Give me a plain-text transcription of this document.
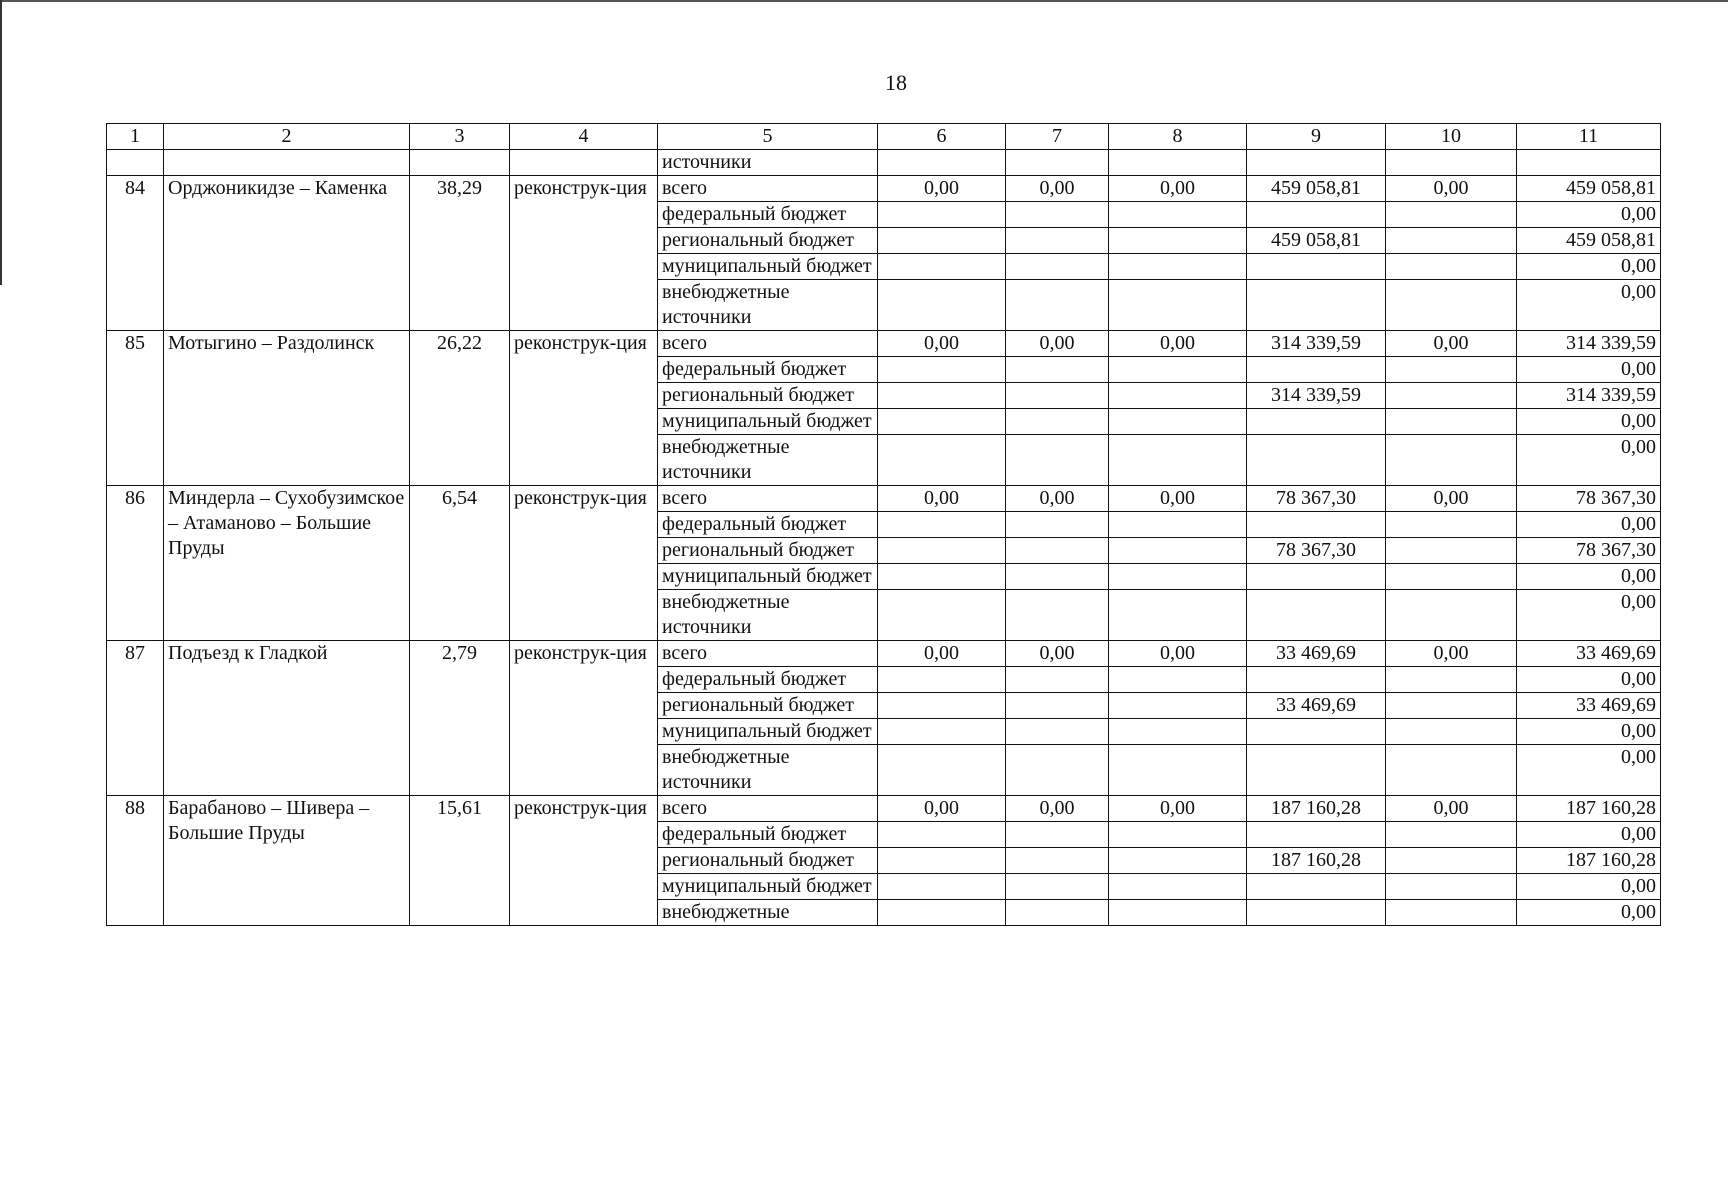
18
1	2	3	4	5	6	7	8	9	10	11
				источники						
84	Орджоникидзе – Каменка	38,29	реконструк-ция	всего	0,00	0,00	0,00	459 058,81	0,00	459 058,81
				федеральный бюджет						0,00
				региональный бюджет				459 058,81		459 058,81
				муниципальный бюджет						0,00
				внебюджетные источники						0,00
85	Мотыгино – Раздолинск	26,22	реконструк-ция	всего	0,00	0,00	0,00	314 339,59	0,00	314 339,59
				федеральный бюджет						0,00
				региональный бюджет				314 339,59		314 339,59
				муниципальный бюджет						0,00
				внебюджетные источники						0,00
86	Миндерла – Сухобузимское – Атаманово – Большие Пруды	6,54	реконструк-ция	всего	0,00	0,00	0,00	78 367,30	0,00	78 367,30
				федеральный бюджет						0,00
				региональный бюджет				78 367,30		78 367,30
				муниципальный бюджет						0,00
				внебюджетные источники						0,00
87	Подъезд к Гладкой	2,79	реконструк-ция	всего	0,00	0,00	0,00	33 469,69	0,00	33 469,69
				федеральный бюджет						0,00
				региональный бюджет				33 469,69		33 469,69
				муниципальный бюджет						0,00
				внебюджетные источники						0,00
88	Барабаново – Шивера – Большие Пруды	15,61	реконструк-ция	всего	0,00	0,00	0,00	187 160,28	0,00	187 160,28
				федеральный бюджет						0,00
				региональный бюджет				187 160,28		187 160,28
				муниципальный бюджет						0,00
				внебюджетные						0,00
